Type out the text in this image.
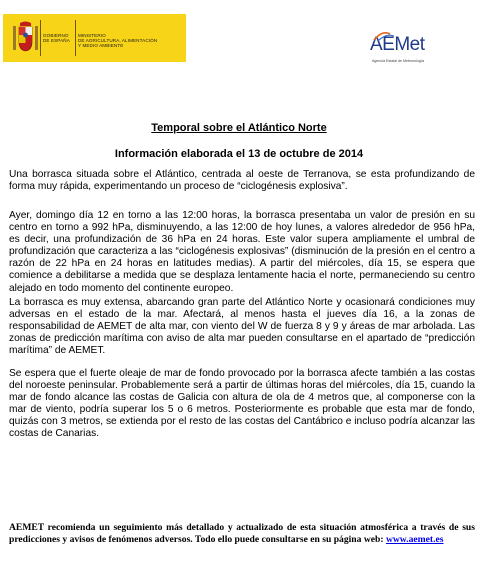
GOBIERNO
DE ESPAÑA
MINISTERIO
DE AGRICULTURA, ALIMENTACIÓN
Y MEDIO AMBIENTE	AEMet
Agencia Estatal de Meteorología
Temporal sobre el Atlántico Norte
Información elaborada el 13 de octubre de 2014
Una borrasca situada sobre el Atlántico, centrada al oeste de Terranova, se esta profundizando de forma muy rápida, experimentando un proceso de “ciclogénesis explosiva”.
Ayer, domingo día 12 en torno a las 12:00 horas, la borrasca presentaba un valor de presión en su centro en torno a 992 hPa, disminuyendo, a las 12:00 de hoy lunes, a valores alrededor de 956 hPa, es decir, una profundización de 36 hPa en 24 horas. Este valor supera ampliamente el umbral de profundización que caracteriza a las “ciclogénesis explosivas” (disminución de la presión en el centro a razón de 22 hPa en 24 horas en latitudes medias). A partir del miércoles, día 15, se espera que comience a debilitarse a medida que se desplaza lentamente hacia el norte, permaneciendo su centro alejado en todo momento del continente europeo.
La borrasca es muy extensa, abarcando gran parte del Atlántico Norte y ocasionará condiciones muy adversas en el estado de la mar. Afectará, al menos hasta el jueves día 16, a la zonas de responsabilidad de AEMET de alta mar, con viento del W de fuerza 8 y 9 y áreas de mar arbolada. Las zonas de predicción marítima con aviso de alta mar pueden consultarse en el apartado de “predicción marítima” de AEMET.
Se espera que el fuerte oleaje de mar de fondo provocado por la borrasca afecte también a las costas del noroeste peninsular. Probablemente será a partir de últimas horas del miércoles, día 15, cuando la mar de fondo alcance las costas de Galicia con altura de ola de 4 metros que, al componerse con la mar de viento, podría superar los 5 o 6 metros. Posteriormente es probable que esta mar de fondo, quizás con 3 metros, se extienda por el resto de las costas del Cantábrico e incluso podría alcanzar las costas de Canarias.
AEMET recomienda un seguimiento más detallado y actualizado de esta situación atmosférica a través de sus predicciones y avisos de fenómenos adversos. Todo ello puede consultarse en su página web: www.aemet.es
